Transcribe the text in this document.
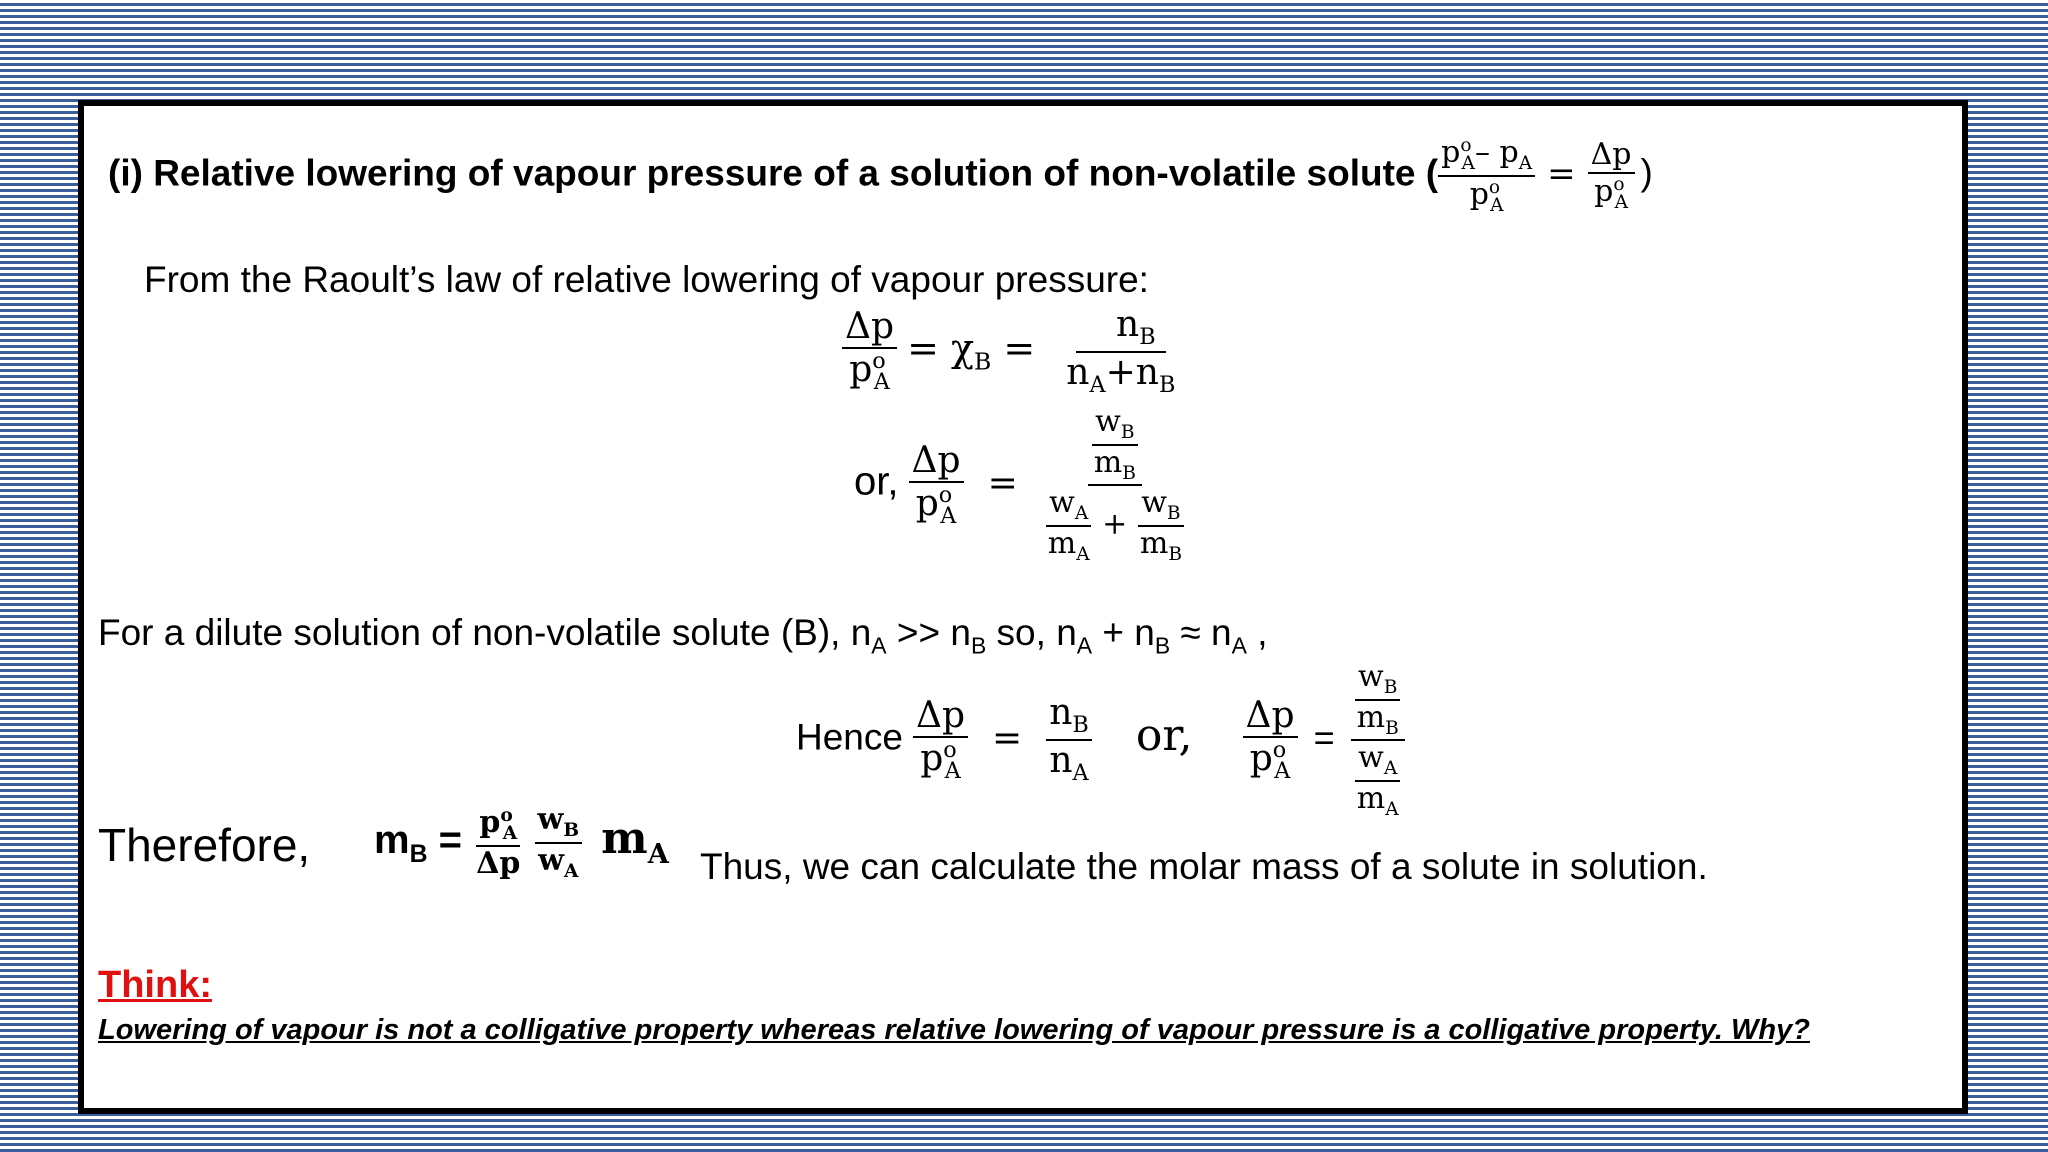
(i) Relative lowering of vapour pressure of a solution of non-volatile solute ( $\frac{p^o_A- p_A}{p^o_A} = \frac{\Delta p}{p^o_A}$ )
From the Raoult’s law of relative lowering of vapour pressure:
$\frac{\Delta p}{p^o_A} = \chi_B = \frac{n_B}{n_A+n_B}$
or, $\frac{\Delta p}{p^o_A} = \frac{\frac{w_B}{m_B}}{\frac{w_A}{m_A} + \frac{w_B}{m_B}}$
For a dilute solution of non-volatile solute (B), $n_A >> n_B$ so, $n_A + n_B \approx n_A$ ,
Hence $\frac{\Delta p}{p^o_A} = \frac{n_B}{n_A}$ or, $\frac{\Delta p}{p^o_A} = \frac{\frac{w_B}{m_B}}{\frac{w_A}{m_A}}$
Therefore, $m_B = \frac{p^o_A}{\Delta p}$
$\frac{w_B}{w_A} m_A$ Thus, we can calculate the molar mass of a solute in solution.
Think:
Lowering of vapour is not a colligative property whereas relative lowering of vapour pressure is a colligative property. Why?
